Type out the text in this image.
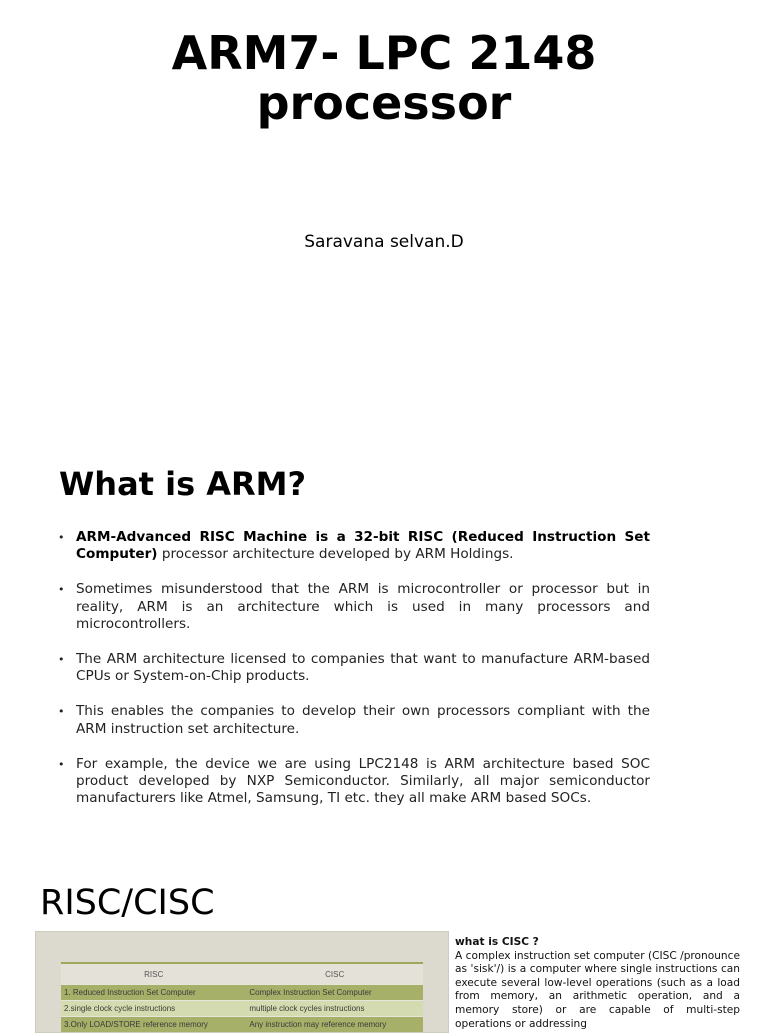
ARM7- LPC 2148
processor
Saravana selvan.D
What is ARM?
• ARM-Advanced RISC Machine is a 32-bit RISC (Reduced Instruction Set Computer) processor architecture developed by ARM Holdings.
• Sometimes misunderstood that the ARM is microcontroller or processor but in reality, ARM is an architecture which is used in many processors and microcontrollers.
• The ARM architecture licensed to companies that want to manufacture ARM-based CPUs or System-on-Chip products.
• This enables the companies to develop their own processors compliant with the ARM instruction set architecture.
• For example, the device we are using LPC2148 is ARM architecture based SOC product developed by NXP Semiconductor. Similarly, all major semiconductor manufacturers like Atmel, Samsung, TI etc. they all make ARM based SOCs.
RISC/CISC
RISC	CISC
1. Reduced Instruction Set Computer	Complex Instruction Set Computer
2.single clock cycle instructions	multiple clock cycles instructions
3.Only LOAD/STORE reference memory	Any instruction may reference memory
what is CISC ?
A complex instruction set computer (CISC /pronounce as 'sisk'/) is a computer where single instructions can execute several low-level operations (such as a load from memory, an arithmetic operation, and a memory store) or are capable of multi-step operations or addressing
